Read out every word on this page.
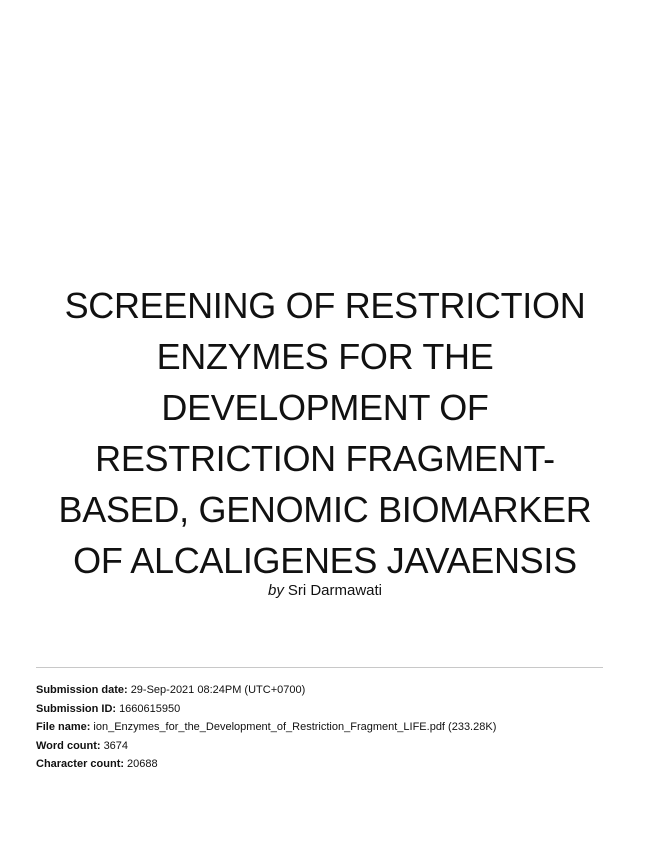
SCREENING OF RESTRICTION
ENZYMES FOR THE
DEVELOPMENT OF
RESTRICTION FRAGMENT-
BASED, GENOMIC BIOMARKER
OF ALCALIGENES JAVAENSIS
by Sri Darmawati
Submission date: 29-Sep-2021 08:24PM (UTC+0700)
Submission ID: 1660615950
File name: ion_Enzymes_for_the_Development_of_Restriction_Fragment_LIFE.pdf (233.28K)
Word count: 3674
Character count: 20688
